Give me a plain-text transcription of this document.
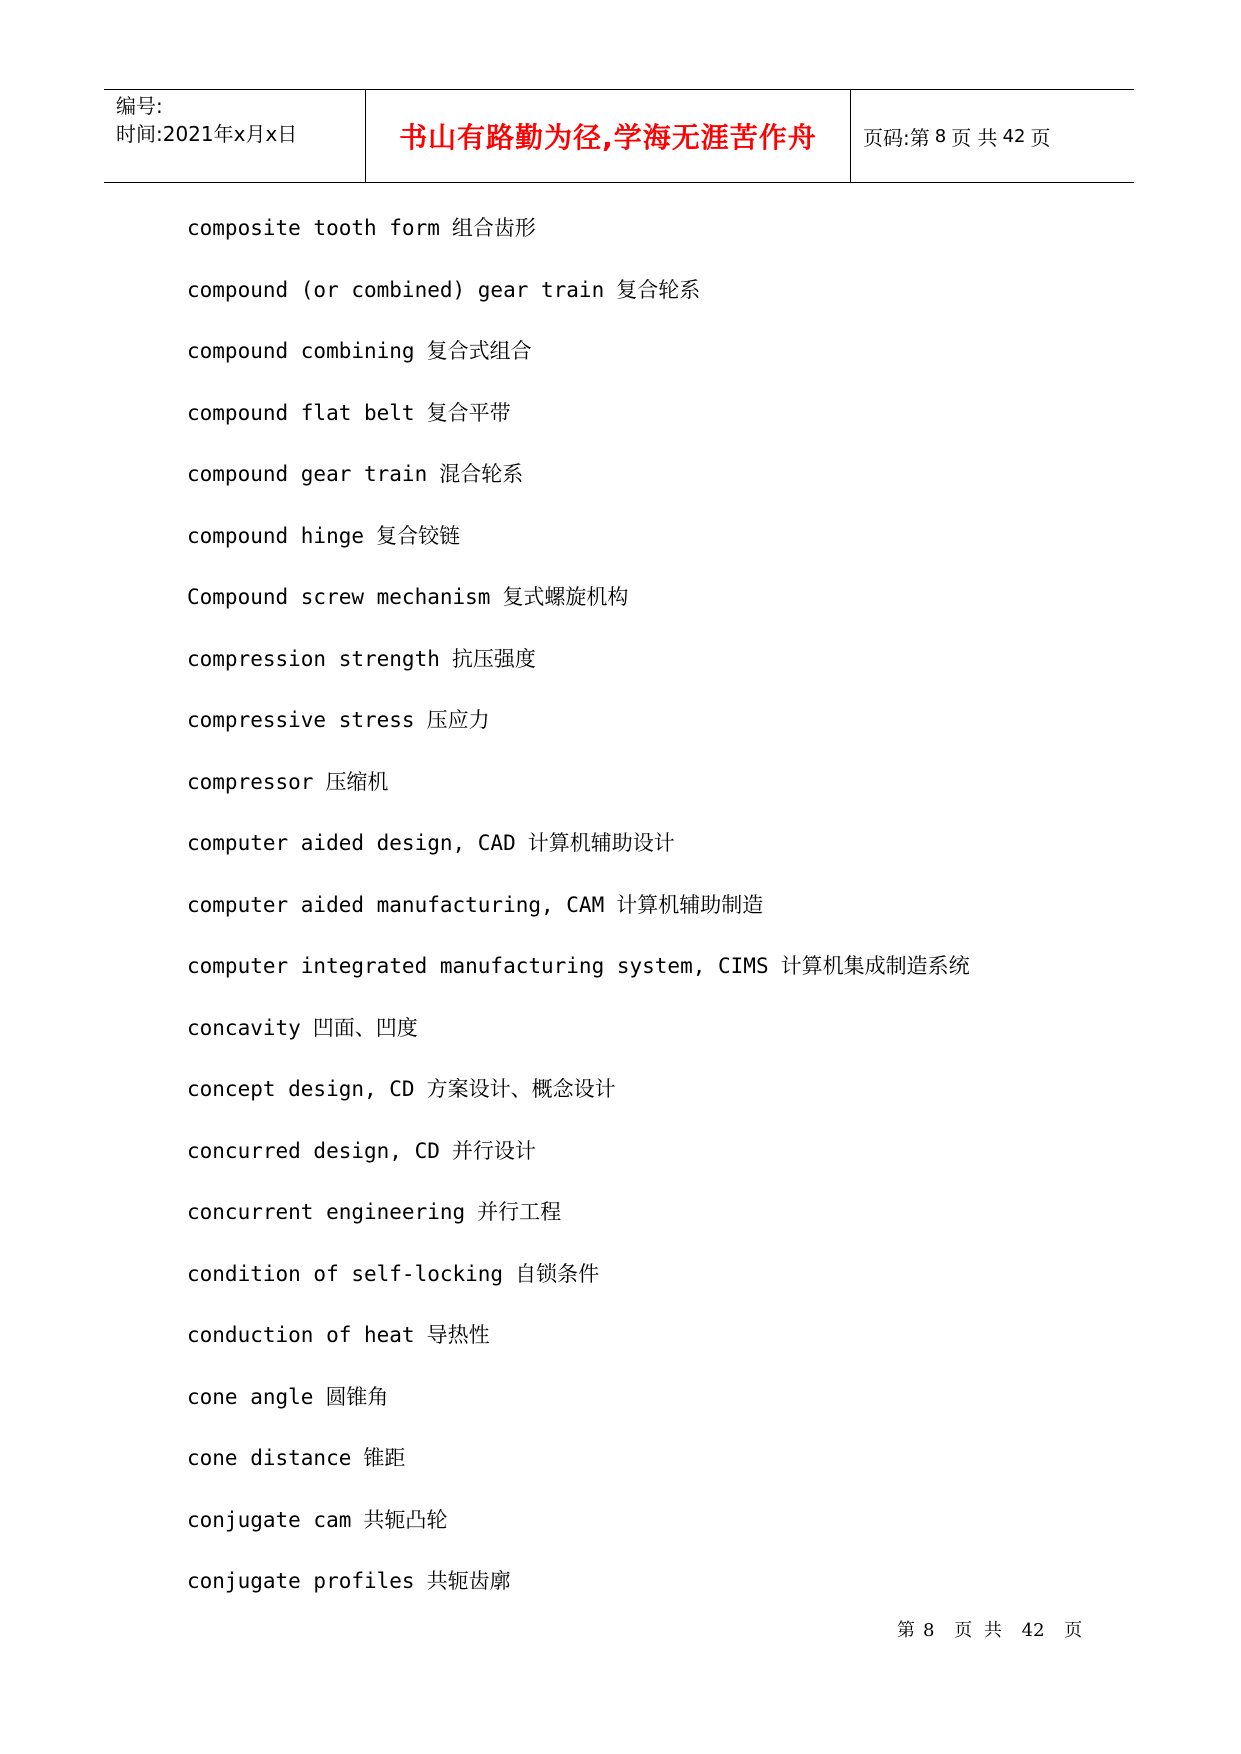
编号:
时间:2021年x月x日	书山有路勤为径,学海无涯苦作舟	页码:第 8 页 共 42 页
composite tooth form 组合齿形
compound (or combined) gear train 复合轮系
compound combining 复合式组合
compound flat belt 复合平带
compound gear train 混合轮系
compound hinge 复合铰链
Compound screw mechanism 复式螺旋机构
compression strength 抗压强度
compressive stress 压应力
compressor 压缩机
computer aided design, CAD 计算机辅助设计
computer aided manufacturing, CAM 计算机辅助制造
computer integrated manufacturing system, CIMS 计算机集成制造系统
concavity 凹面、凹度
concept design, CD 方案设计、概念设计
concurred design, CD 并行设计
concurrent engineering 并行工程
condition of self-locking 自锁条件
conduction of heat 导热性
cone angle 圆锥角
cone distance 锥距
conjugate cam 共轭凸轮
conjugate profiles 共轭齿廓
第 8 页 共 42 页
